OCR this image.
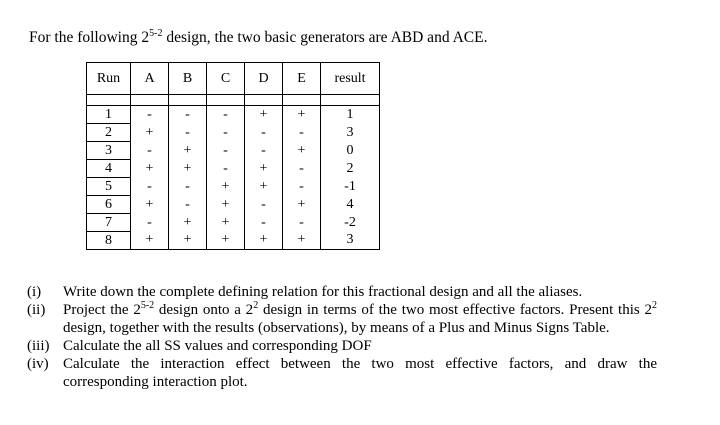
For the following 2$^{5-2}$ design, the two basic generators are ABD and ACE.
Run	A	B	C	D	E	result

1	-	-	-	+	+	1
2	+	-	-	-	-	3
3	-	+	-	-	+	0
4	+	+	-	+	-	2
5	-	-	+	+	-	-1
6	+	-	+	-	+	4
7	-	+	+	-	-	-2
8	+	+	+	+	+	3
(i)	Write down the complete defining relation for this fractional design and all the aliases.
(ii)	Project the 2$^{5-2}$ design onto a $2^2$ design in terms of the two most effective factors. Present this $2^2$ design, together with the results (observations), by means of a Plus and Minus Signs Table.
(iii) Calculate the all SS values and corresponding DOF
(iv) Calculate the interaction effect between the two most effective factors, and draw the corresponding interaction plot.
